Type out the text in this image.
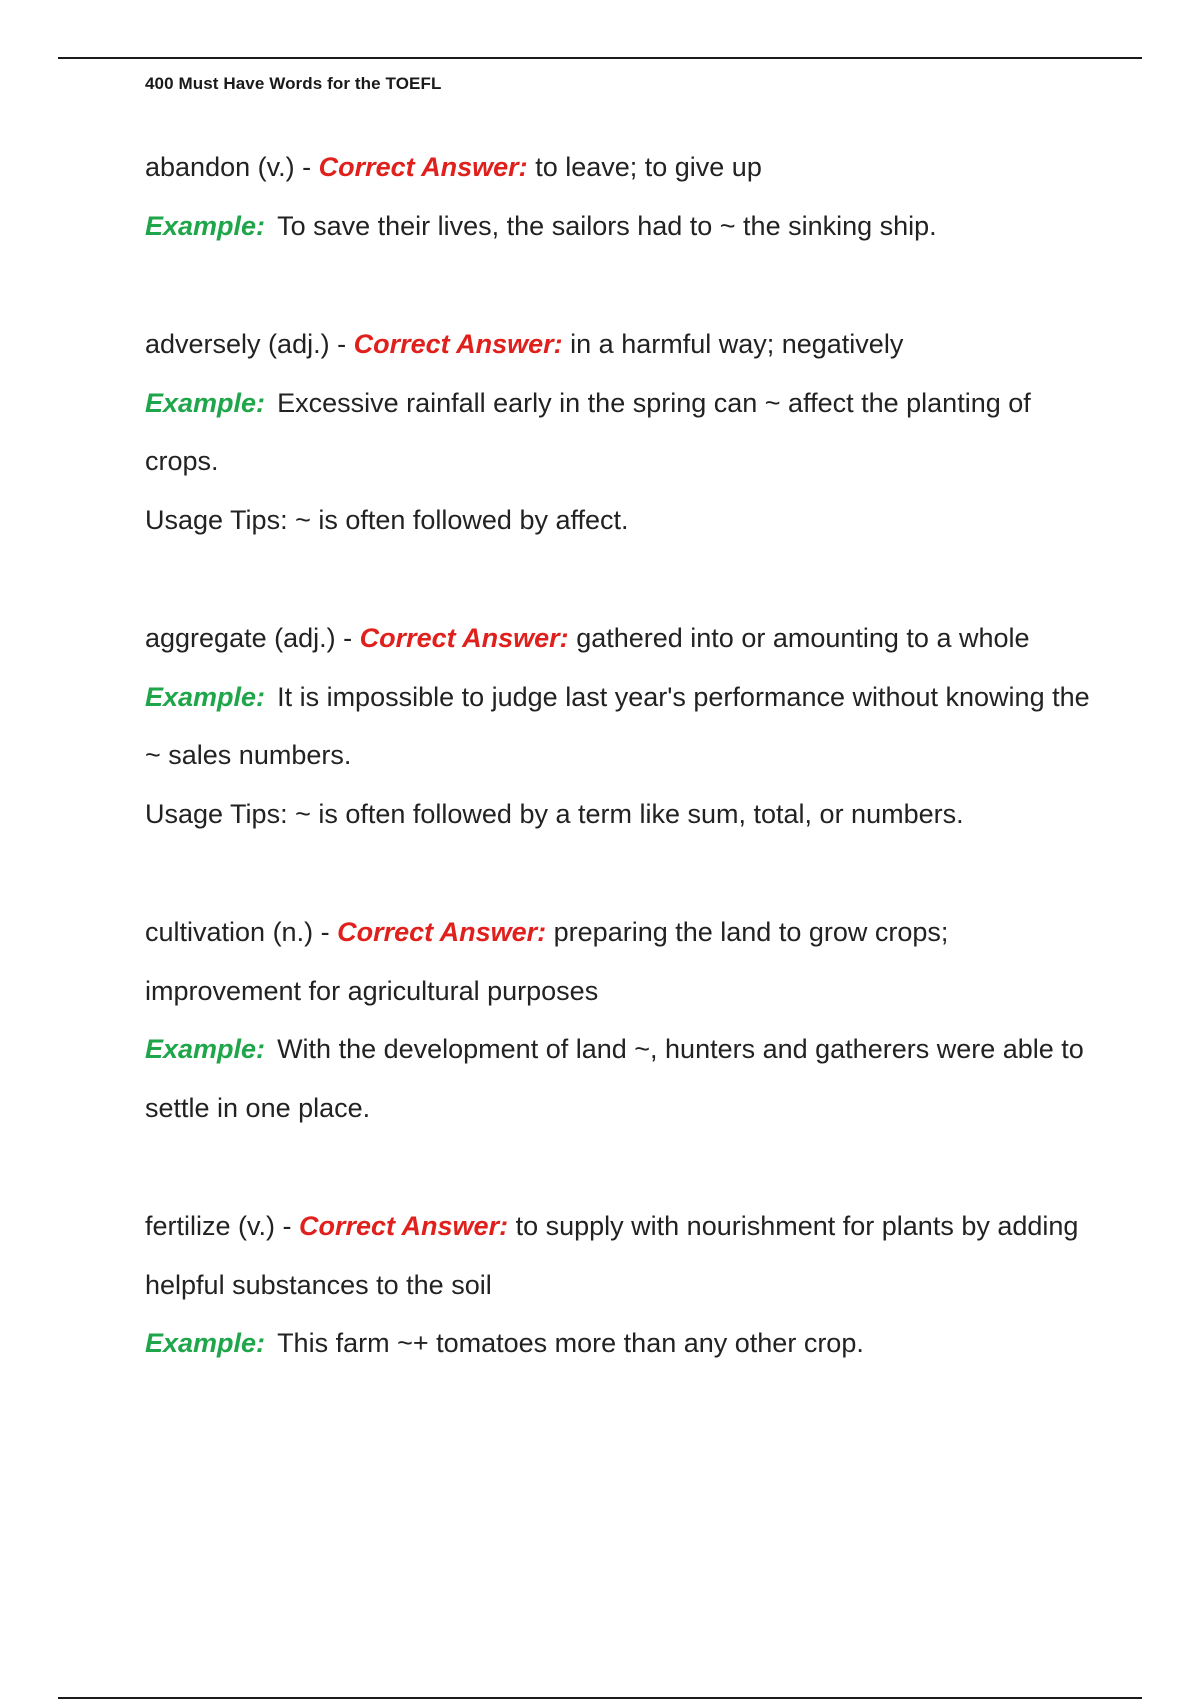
400 Must Have Words for the TOEFL

abandon (v.) - Correct Answer: to leave; to give up

Example: To save their lives, the sailors had to ~ the sinking ship.

adversely (adj.) - Correct Answer: in a harmful way; negatively

Example: Excessive rainfall early in the spring can ~ affect the planting of crops.

Usage Tips: ~ is often followed by affect.

aggregate (adj.) - Correct Answer: gathered into or amounting to a whole

Example: It is impossible to judge last year's performance without knowing the ~ sales numbers.

Usage Tips: ~ is often followed by a term like sum, total, or numbers.

cultivation (n.) - Correct Answer: preparing the land to grow crops; improvement for agricultural purposes

Example: With the development of land ~, hunters and gatherers were able to settle in one place.

fertilize (v.) - Correct Answer: to supply with nourishment for plants by adding helpful substances to the soil

Example: This farm ~+ tomatoes more than any other crop.
